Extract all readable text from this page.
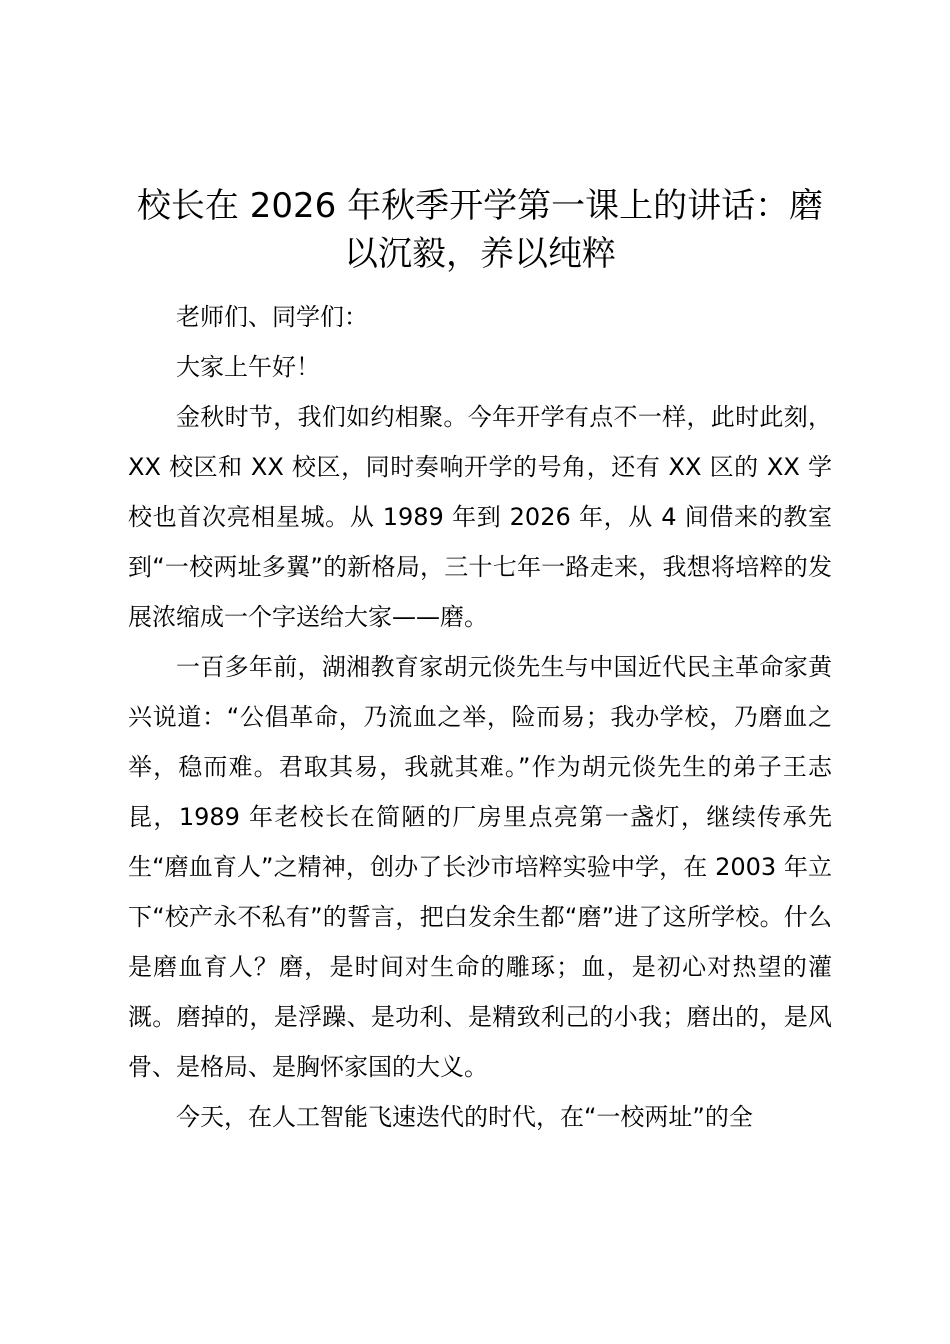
校长在 2026 年秋季开学第一课上的讲话：磨以沉毅，养以纯粹

老师们、同学们：

大家上午好！

金秋时节，我们如约相聚。今年开学有点不一样，此时此刻，XX 校区和 XX 校区，同时奏响开学的号角，还有 XX 区的 XX 学校也首次亮相星城。从 1989 年到 2026 年，从 4 间借来的教室到“一校两址多翼”的新格局，三十七年一路走来，我想将培粹的发展浓缩成一个字送给大家——磨。

一百多年前，湖湘教育家胡元倓先生与中国近代民主革命家黄兴说道：“公倡革命，乃流血之举，险而易；我办学校，乃磨血之举，稳而难。君取其易，我就其难。”作为胡元倓先生的弟子王志昆，1989 年老校长在简陋的厂房里点亮第一盏灯，继续传承先生“磨血育人”之精神，创办了长沙市培粹实验中学，在 2003 年立下“校产永不私有”的誓言，把白发余生都“磨”进了这所学校。什么是磨血育人？磨，是时间对生命的雕琢；血，是初心对热望的灌溉。磨掉的，是浮躁、是功利、是精致利己的小我；磨出的，是风骨、是格局、是胸怀家国的大义。

今天，在人工智能飞速迭代的时代，在“一校两址”的全
